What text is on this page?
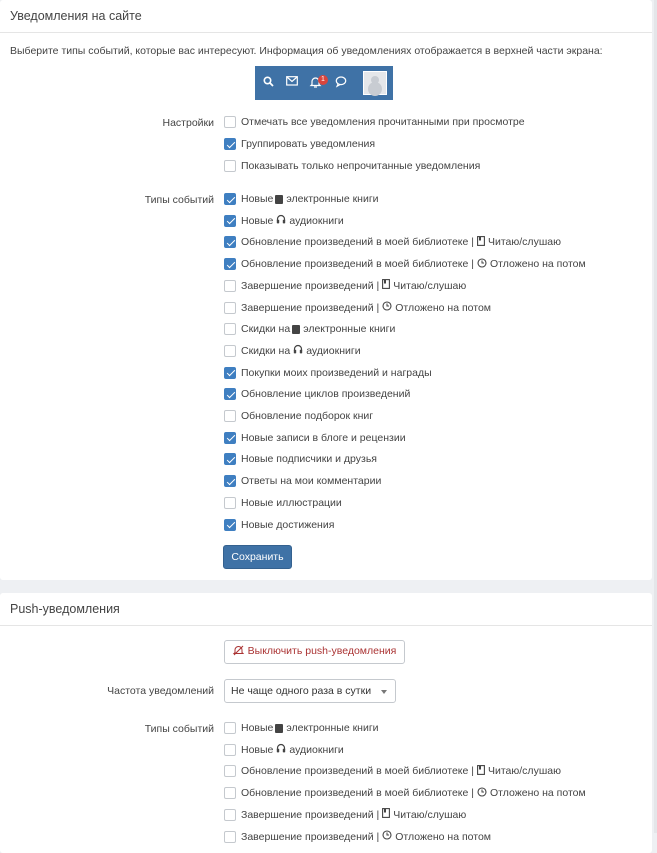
Уведомления на сайте
Выберите типы событий, которые вас интересуют. Информация об уведомлениях отображается в верхней части экрана:
1
Настройки	Отмечать все уведомления прочитанными при просмотре
Группировать уведомления
Показывать только непрочитанные уведомления
Типы событий	Новые электронные книги
Новые аудиокниги
Обновление произведений в моей библиотеке | Читаю/слушаю
Обновление произведений в моей библиотеке | Отложено на потом
Завершение произведений | Читаю/слушаю
Завершение произведений | Отложено на потом
Скидки на электронные книги
Скидки на аудиокниги
Покупки моих произведений и награды
Обновление циклов произведений
Обновление подборок книг
Новые записи в блоге и рецензии
Новые подписчики и друзья
Ответы на мои комментарии
Новые иллюстрации
Новые достижения
Сохранить
Push-уведомления
Выключить push-уведомления
Частота уведомлений	Не чаще одного раза в сутки
Типы событий	Новые электронные книги
Новые аудиокниги
Обновление произведений в моей библиотеке | Читаю/слушаю
Обновление произведений в моей библиотеке | Отложено на потом
Завершение произведений | Читаю/слушаю
Завершение произведений | Отложено на потом
